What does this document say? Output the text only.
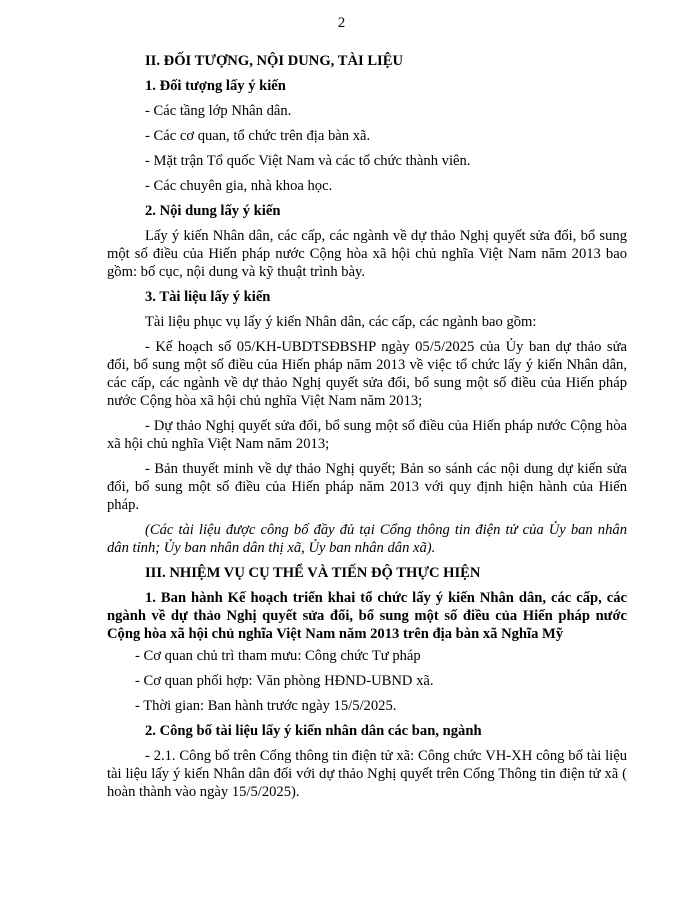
2
II. ĐỐI TƯỢNG, NỘI DUNG, TÀI LIỆU
1. Đối tượng lấy ý kiến
- Các tầng lớp Nhân dân.
- Các cơ quan, tổ chức trên địa bàn xã.
- Mặt trận Tổ quốc Việt Nam và các tổ chức thành viên.
- Các chuyên gia, nhà khoa học.
2. Nội dung lấy ý kiến
Lấy ý kiến Nhân dân, các cấp, các ngành về dự thảo Nghị quyết sửa đổi, bổ sung một số điều của Hiến pháp nước Cộng hòa xã hội chủ nghĩa Việt Nam năm 2013 bao gồm: bố cục, nội dung và kỹ thuật trình bày.
3. Tài liệu lấy ý kiến
Tài liệu phục vụ lấy ý kiến Nhân dân, các cấp, các ngành bao gồm:
- Kế hoạch số 05/KH-UBDTSĐBSHP ngày 05/5/2025 của Ủy ban dự thảo sửa đổi, bổ sung một số điều của Hiến pháp năm 2013 về việc tổ chức lấy ý kiến Nhân dân, các cấp, các ngành về dự thảo Nghị quyết sửa đổi, bổ sung một số điều của Hiến pháp nước Cộng hòa xã hội chủ nghĩa Việt Nam năm 2013;
- Dự thảo Nghị quyết sửa đổi, bổ sung một số điều của Hiến pháp nước Cộng hòa xã hội chủ nghĩa Việt Nam năm 2013;
- Bản thuyết minh về dự thảo Nghị quyết; Bản so sánh các nội dung dự kiến sửa đổi, bổ sung một số điều của Hiến pháp năm 2013 với quy định hiện hành của Hiến pháp.
(Các tài liệu được công bố đầy đủ tại Cổng thông tin điện tử của Ủy ban nhân dân tỉnh; Ủy ban nhân dân thị xã, Ủy ban nhân dân xã).
III. NHIỆM VỤ CỤ THỂ VÀ TIẾN ĐỘ THỰC HIỆN
1. Ban hành Kế hoạch triển khai tổ chức lấy ý kiến Nhân dân, các cấp, các ngành về dự thảo Nghị quyết sửa đổi, bổ sung một số điều của Hiến pháp nước Cộng hòa xã hội chủ nghĩa Việt Nam năm 2013 trên địa bàn xã Nghĩa Mỹ
- Cơ quan chủ trì tham mưu: Công chức Tư pháp
- Cơ quan phối hợp: Văn phòng HĐND-UBND xã.
- Thời gian: Ban hành trước ngày 15/5/2025.
2. Công bố tài liệu lấy ý kiến nhân dân các ban, ngành
- 2.1. Công bố trên Cổng thông tin điện tử xã: Công chức VH-XH công bố tài liệu tài liệu lấy ý kiến Nhân dân đối với dự thảo Nghị quyết trên Cổng Thông tin điện tử xã ( hoàn thành vào ngày 15/5/2025).
